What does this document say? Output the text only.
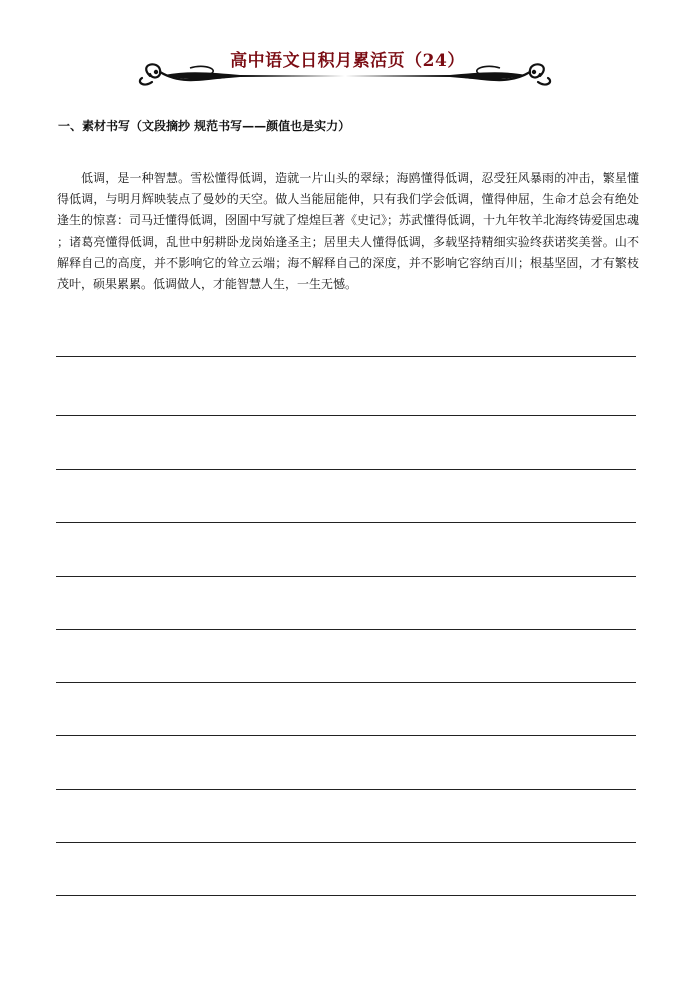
高中语文日积月累活页（24）
一、素材书写（文段摘抄 规范书写——颜值也是实力）
低调，是一种智慧。雪松懂得低调，造就一片山头的翠绿；海鸥懂得低调，忍受狂风暴雨的冲击，繁星懂得低调，与明月辉映装点了曼妙的天空。做人当能屈能伸，只有我们学会低调，懂得伸屈，生命才总会有绝处逢生的惊喜：司马迁懂得低调，囹圄中写就了煌煌巨著《史记》；苏武懂得低调，十九年牧羊北海终铸爱国忠魂 ；诸葛亮懂得低调，乱世中躬耕卧龙岗始逢圣主；居里夫人懂得低调，多载坚持精细实验终获诺奖美誉。山不解释自己的高度，并不影响它的耸立云端；海不解释自己的深度，并不影响它容纳百川；根基坚固，才有繁枝茂叶，硕果累累。低调做人，才能智慧人生，一生无憾。
